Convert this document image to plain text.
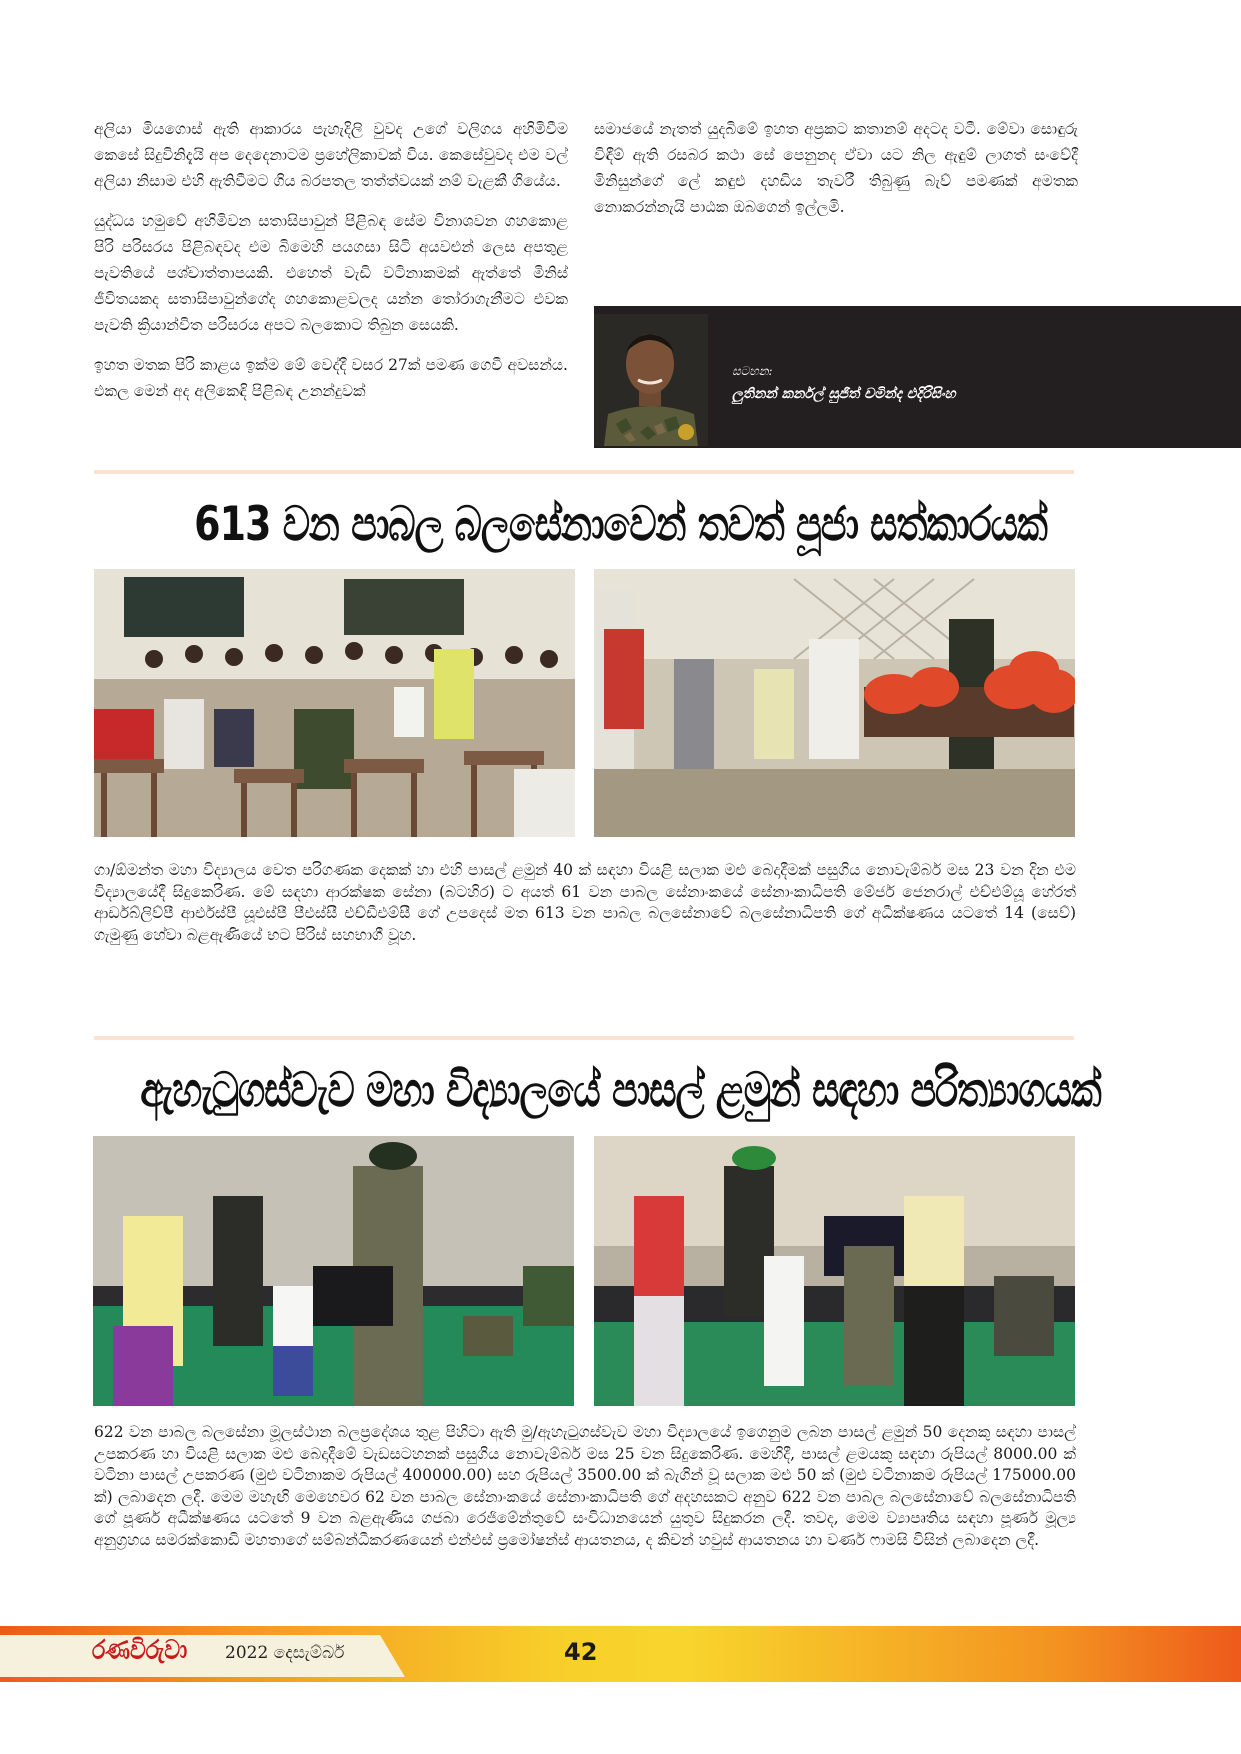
අලියා මියගොස් ඇති ආකාරය පැහැදිලි වුවද උගේ වලිගය අහිමිවීම කෙසේ සිදුවිනිදැයි අප දෙදෙනාටම ප්‍රහේලිකාවක් විය. කෙසේවුවද එම වල් අලියා නිසාම එහි ඇතිවීමට ගිය බරපතල තත්ත්වයක් නම් වැළකී ගියේය.

යුද්ධය හමුවේ අහිමිවන සතාසිපාවුන් පිළිබඳ සේම විනාශවන ගහකොළ පිරි පරිසරය පිළිබඳවද එම බිමෙහි පයගසා සිටි අයවළුන් ලෙස අපතුළ පැවතියේ පශ්චාත්තාපයකි. එහෙත් වැඩි වටිනාකමක් ඇත්තේ මිනිස් ජීවිතයකද සතාසිපාවුන්ගේද ගහකොළවලද යන්න තෝරාගැනීමට එවක පැවති ක්‍රියාන්විත පරිසරය අපට බලකොට තිබුන සෙයකි.

ඉහත මතක පිරි කාළය ඉක්ම මේ වෙද්දී වසර 27ක් පමණ ගෙවී අවසන්ය. එකල මෙන් අද අලිකෙඳි පිළිබඳ උනන්දුවක්

සමාජයේ නැතත් යුදබිමේ ඉහත අප්‍රකට කතානම් අදටද වටී. මේවා සොඳුරු විඳීම් ඇති රසබර කථා සේ පෙනුනද ඒවා යට නිල ඇඳුම් ලාගත් සංවේදී මිනිසුන්ගේ ලේ කඳුළු දහඩිය තැවරී තිබුණු බැව් පමණක් අමතක නොකරන්නැයි පාඨක ඔබගෙන් ඉල්ලමි.

සටහන:
ලුතිනන් කර්නල් සුජිත් චමින්ද එදිරිසිංහ
613 වන පාබල බලසේනාවෙන් තවත් පූජා සත්කාරයක්
ගා/ඕමන්ත මහා විද්‍යාලය වෙත පරිගණක දෙකක් හා එහි පාසල් ළමුන් 40 ක් සඳහා වියළි සලාක මළු බෙදාදීමක් පසුගිය නොවැම්බර් මස 23 වන දින එම විද්‍යාලයේදී සිදුකෙරිණ. මේ සඳහා ආරක්ෂක සේනා (බටහිර) ට අයත් 61 වන පාබල සේනාංකයේ සේනාංකාධිපති මේජර් ජෙනරාල් එච්එම්යූ හේරත් ආර්ඩබ්ලිව්පී ආර්එස්පී යූඑස්පී පීඑස්සී එච්ඩීඑම්සී ගේ උපදෙස් මත 613 වන පාබල බලසේනාවේ බලසේනාධිපති ගේ අධීක්ෂණය යටතේ 14 (සෙව්) ගැමුණු හේවා බළඇණියේ භට පිරිස් සහභාගී වූහ.
ඇහැටුගස්වැව මහා විද්‍යාලයේ පාසල් ළමුන් සඳහා පරිත්‍යාගයක්
622 වන පාබල බලසේනා මූලස්ථාන බලප්‍රදේශය තුළ පිහිටා ඇති මු/ඇහැටුගස්වැව මහා විද්‍යාලයේ ඉගෙනුම ලබන පාසල් ළමුන් 50 දෙනකු සඳහා පාසල් උපකරණ හා වියළි සලාක මළු බෙදාදීමේ වැඩසටහනක් පසුගිය නොවැම්බර් මස 25 වන සිදුකෙරිණ. මෙහිදී, පාසල් ළමයකු සඳහා රුපියල් 8000.00 ක් වටිනා පාසල් උපකරණ (මුළු වටිනාකම රුපියල් 400000.00) සහ රුපියල් 3500.00 ක් බැගින් වූ සලාක මළු 50 ක් (මුළු වටිනාකම රුපියල් 175000.00 ක්) ලබාදෙන ලදී. මෙම මහැඟි මෙහෙවර 62 වන පාබල සේනාංකයේ සේනාංකාධිපති ගේ අදහසකට අනුව 622 වන පාබල බලසේනාවේ බලසේනාධිපති ගේ පූර්ණ අධීක්ෂණය යටතේ 9 වන බළඇණිය ගජබා රෙජිමේන්තුවේ සංවිධානයෙන් යුතුව සිදුකරන ලදී. තවද, මෙම ව්‍යාපෘතිය සඳහා පූර්ණ මූල්‍ය අනුග්‍රහය සමරක්කොඩි මහතාගේ සම්බන්ධීකරණයෙන් එන්එස් ප්‍රමෝෂන්ස් ආයතනය, ද කිචන් හවුස් ආයතනය හා වර්ණ ෆාමසි විසින් ලබාදෙන ලදී.
රණවිරුවා 2022 දෙසැම්බර්	42
